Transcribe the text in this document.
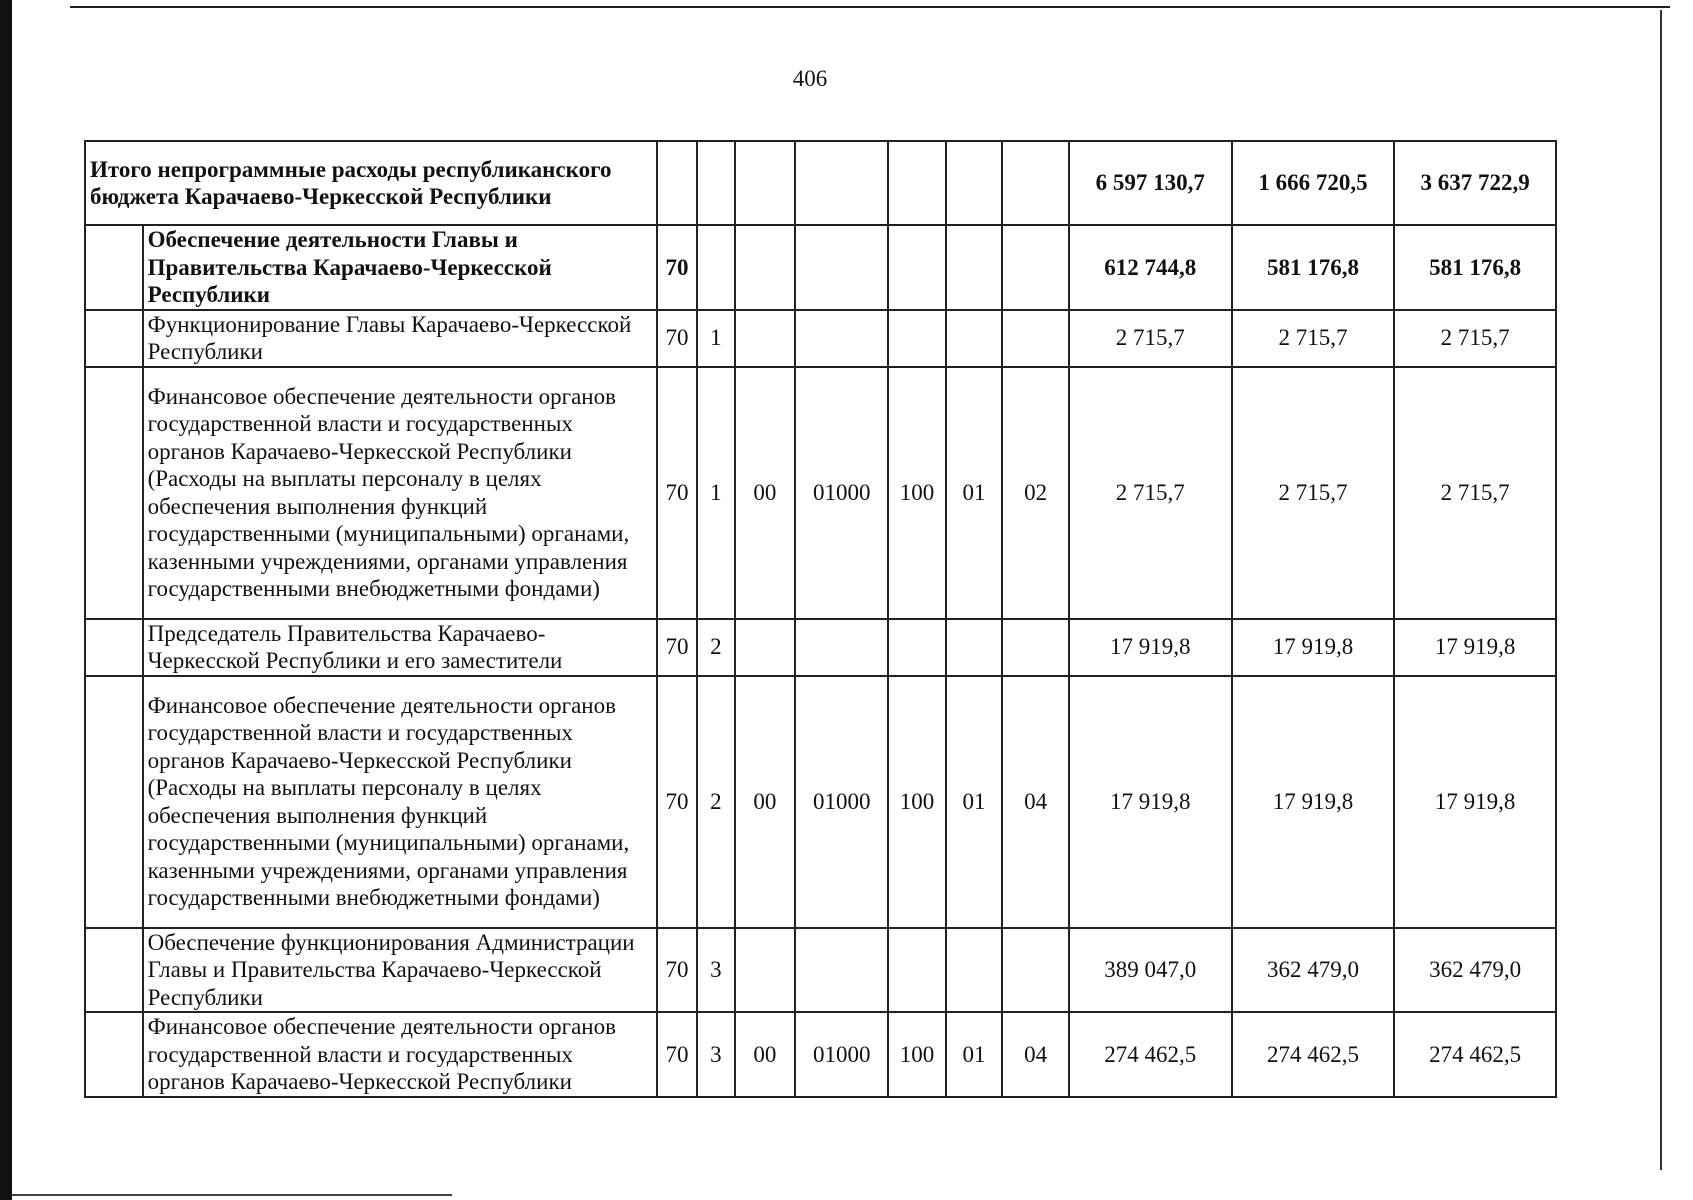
406
Итого непрограммные расходы республиканского бюджета Карачаево-Черкесской Республики									6 597 130,7	1 666 720,5	3 637 722,9
	Обеспечение деятельности Главы и Правительства Карачаево-Черкесской Республики	70							612 744,8	581 176,8	581 176,8
	Функционирование Главы Карачаево-Черкесской Республики	70	1						2 715,7	2 715,7	2 715,7
	Финансовое обеспечение деятельности органов государственной власти и государственных органов Карачаево-Черкесской Республики (Расходы на выплаты персоналу в целях обеспечения выполнения функций государственными (муниципальными) органами, казенными учреждениями, органами управления государственными внебюджетными фондами)	70	1	00	01000	100	01	02	2 715,7	2 715,7	2 715,7
	Председатель Правительства Карачаево-Черкесской Республики и его заместители	70	2						17 919,8	17 919,8	17 919,8
	Финансовое обеспечение деятельности органов государственной власти и государственных органов Карачаево-Черкесской Республики (Расходы на выплаты персоналу в целях обеспечения выполнения функций государственными (муниципальными) органами, казенными учреждениями, органами управления государственными внебюджетными фондами)	70	2	00	01000	100	01	04	17 919,8	17 919,8	17 919,8
	Обеспечение функционирования Администрации Главы и Правительства Карачаево-Черкесской Республики	70	3						389 047,0	362 479,0	362 479,0
	Финансовое обеспечение деятельности органов государственной власти и государственных органов Карачаево-Черкесской Республики	70	3	00	01000	100	01	04	274 462,5	274 462,5	274 462,5
